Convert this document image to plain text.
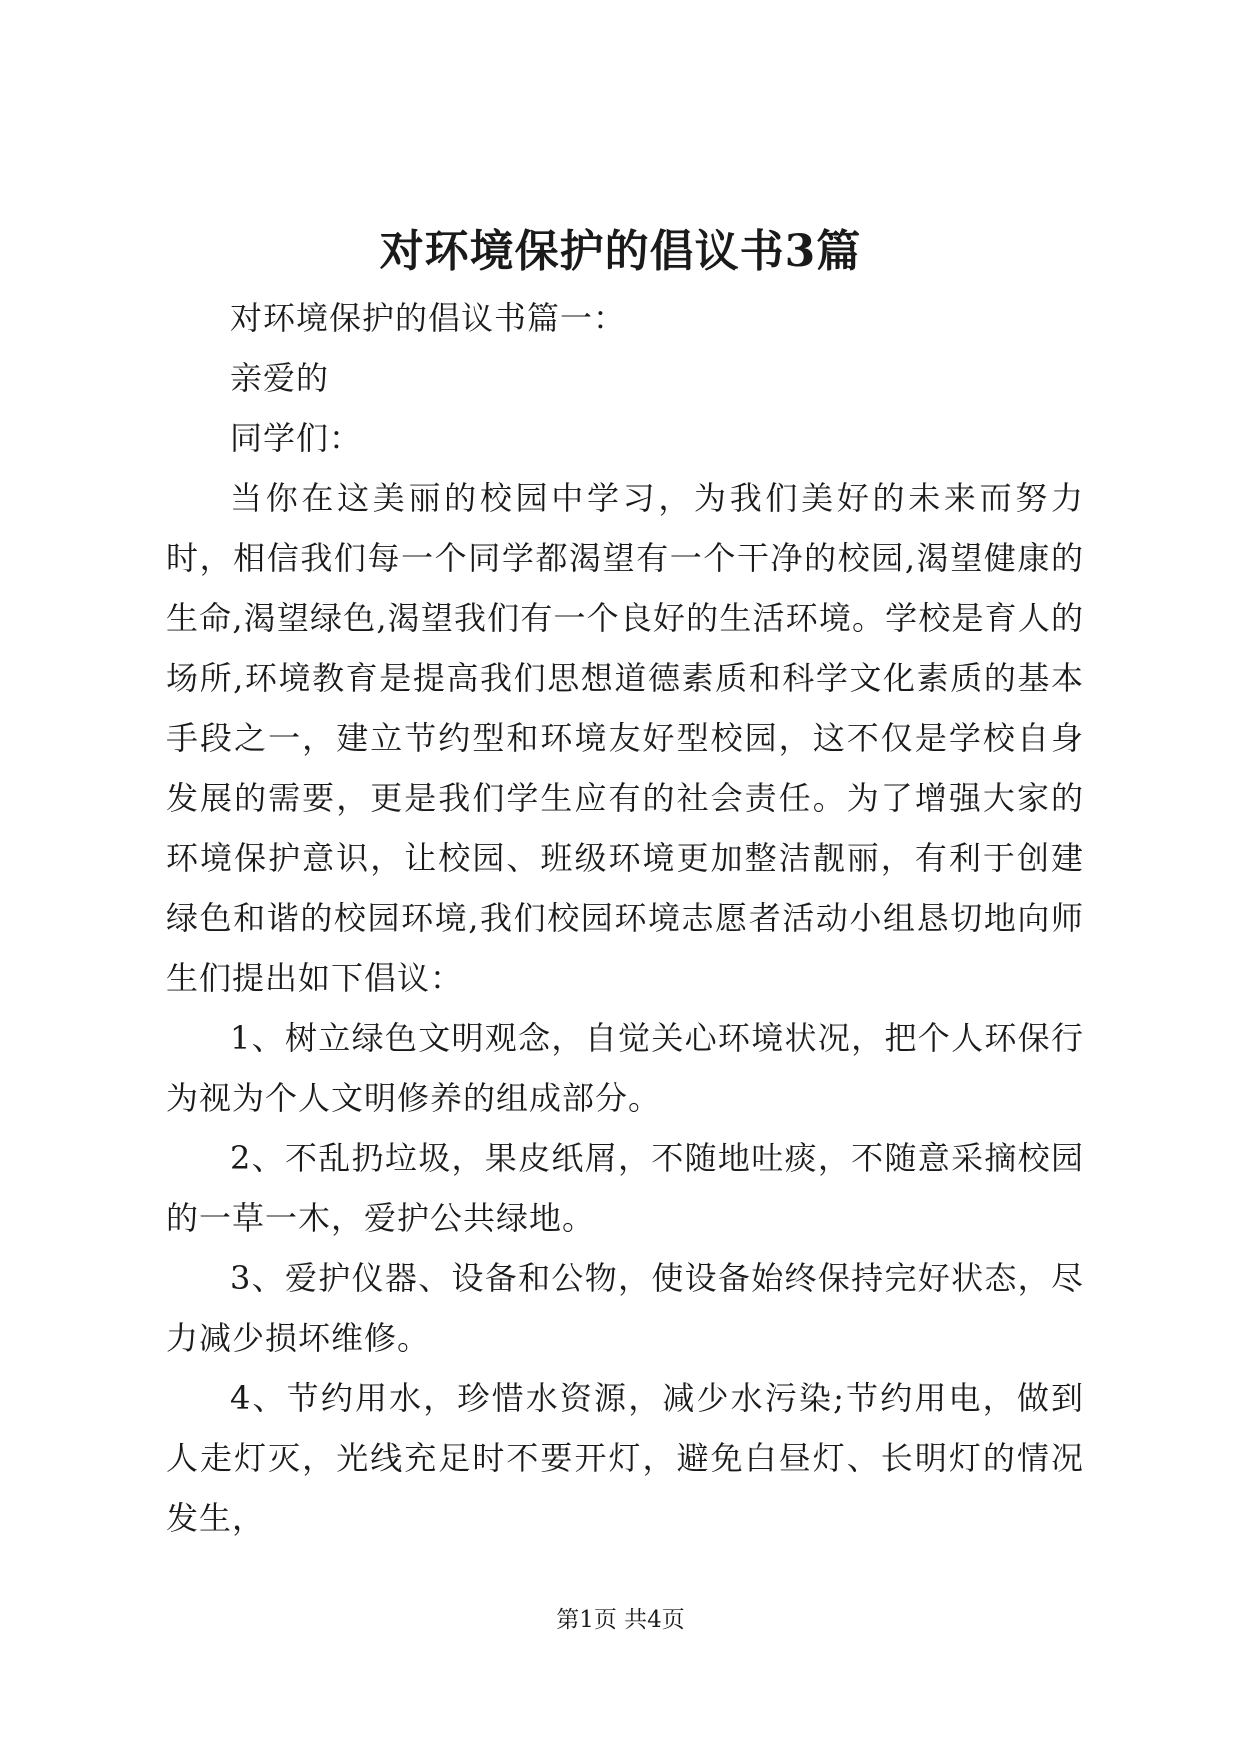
对环境保护的倡议书3篇

对环境保护的倡议书篇一：

亲爱的

同学们：

当你在这美丽的校园中学习，为我们美好的未来而努力时，相信我们每一个同学都渴望有一个干净的校园,渴望健康的生命,渴望绿色,渴望我们有一个良好的生活环境。学校是育人的场所,环境教育是提高我们思想道德素质和科学文化素质的基本手段之一，建立节约型和环境友好型校园，这不仅是学校自身发展的需要，更是我们学生应有的社会责任。为了增强大家的环境保护意识，让校园、班级环境更加整洁靓丽，有利于创建绿色和谐的校园环境,我们校园环境志愿者活动小组恳切地向师生们提出如下倡议：

1、树立绿色文明观念，自觉关心环境状况，把个人环保行为视为个人文明修养的组成部分。

2、不乱扔垃圾，果皮纸屑，不随地吐痰，不随意采摘校园的一草一木，爱护公共绿地。

3、爱护仪器、设备和公物，使设备始终保持完好状态，尽力减少损坏维修。

4、节约用水，珍惜水资源，减少水污染;节约用电，做到人走灯灭，光线充足时不要开灯，避免白昼灯、长明灯的情况发生，

第1页 共4页
